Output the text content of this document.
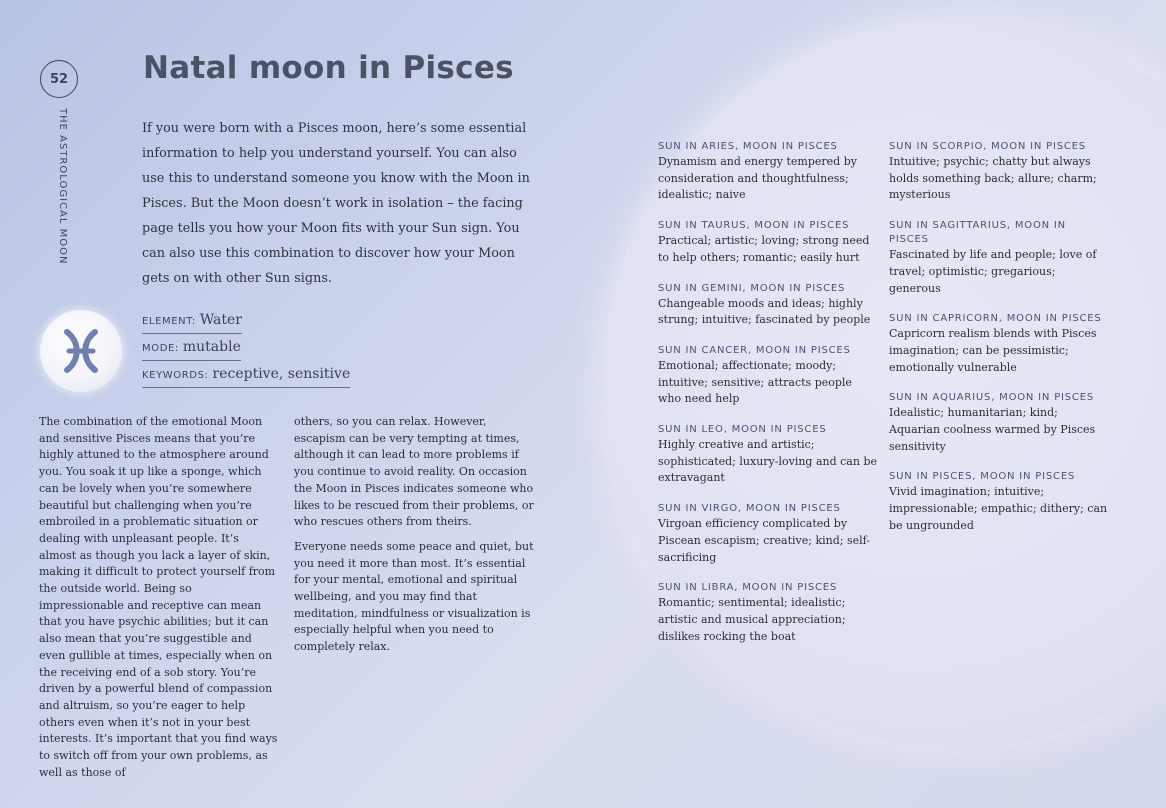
52
THE ASTROLOGICAL MOON
Natal moon in Pisces
If you were born with a Pisces moon, here’s some essential information to help you understand yourself. You can also use this to understand someone you know with the Moon in Pisces. But the Moon doesn’t work in isolation – the facing page tells you how your Moon fits with your Sun sign. You can also use this combination to discover how your Moon gets on with other Sun signs.
ELEMENT: Water
MODE: mutable
KEYWORDS: receptive, sensitive

The combination of the emotional Moon and sensitive Pisces means that you’re highly attuned to the atmosphere around you. You soak it up like a sponge, which can be lovely when you’re somewhere beautiful but challenging when you’re embroiled in a problematic situation or dealing with unpleasant people. It’s almost as though you lack a layer of skin, making it difficult to protect yourself from the outside world. Being so impressionable and receptive can mean that you have psychic abilities; but it can also mean that you’re suggestible and even gullible at times, especially when on the receiving end of a sob story. You’re driven by a powerful blend of compassion and altruism, so you’re eager to help others even when it’s not in your best interests. It’s important that you find ways to switch off from your own problems, as well as those of

others, so you can relax. However, escapism can be very tempting at times, although it can lead to more problems if you continue to avoid reality. On occasion the Moon in Pisces indicates someone who likes to be rescued from their problems, or who rescues others from theirs.

Everyone needs some peace and quiet, but you need it more than most. It’s essential for your mental, emotional and spiritual wellbeing, and you may find that meditation, mindfulness or visualization is especially helpful when you need to completely relax.

SUN IN ARIES, MOON IN PISCES
Dynamism and energy tempered by consideration and thoughtfulness; idealistic; naive
SUN IN TAURUS, MOON IN PISCES
Practical; artistic; loving; strong need to help others; romantic; easily hurt
SUN IN GEMINI, MOON IN PISCES
Changeable moods and ideas; highly strung; intuitive; fascinated by people
SUN IN CANCER, MOON IN PISCES
Emotional; affectionate; moody; intuitive; sensitive; attracts people who need help
SUN IN LEO, MOON IN PISCES
Highly creative and artistic; sophisticated; luxury-loving and can be extravagant
SUN IN VIRGO, MOON IN PISCES
Virgoan efficiency complicated by Piscean escapism; creative; kind; self-sacrificing
SUN IN LIBRA, MOON IN PISCES
Romantic; sentimental; idealistic; artistic and musical appreciation; dislikes rocking the boat
SUN IN SCORPIO, MOON IN PISCES
Intuitive; psychic; chatty but always holds something back; allure; charm; mysterious
SUN IN SAGITTARIUS, MOON IN PISCES
Fascinated by life and people; love of travel; optimistic; gregarious; generous
SUN IN CAPRICORN, MOON IN PISCES
Capricorn realism blends with Pisces imagination; can be pessimistic; emotionally vulnerable
SUN IN AQUARIUS, MOON IN PISCES
Idealistic; humanitarian; kind; Aquarian coolness warmed by Pisces sensitivity
SUN IN PISCES, MOON IN PISCES
Vivid imagination; intuitive; impressionable; empathic; dithery; can be ungrounded
